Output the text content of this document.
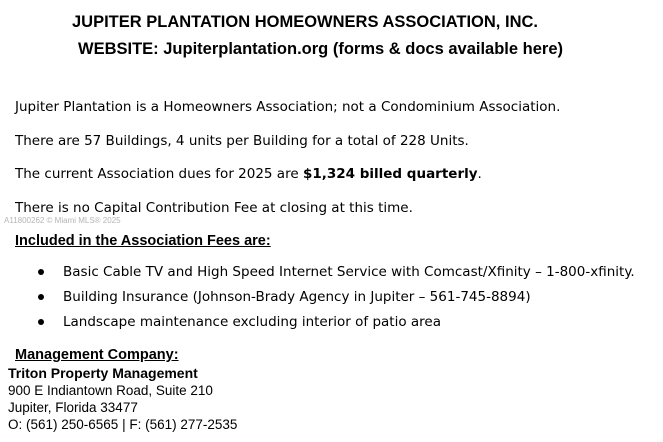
JUPITER PLANTATION HOMEOWNERS ASSOCIATION, INC.
WEBSITE: Jupiterplantation.org (forms & docs available here)
Jupiter Plantation is a Homeowners Association; not a Condominium Association.
There are 57 Buildings, 4 units per Building for a total of 228 Units.
The current Association dues for 2025 are $1,324 billed quarterly.
There is no Capital Contribution Fee at closing at this time.
A11800262 © Miami MLS® 2025
Included in the Association Fees are:
Basic Cable TV and High Speed Internet Service with Comcast/Xfinity – 1-800-xfinity.
Building Insurance (Johnson-Brady Agency in Jupiter – 561-745-8894)
Landscape maintenance excluding interior of patio area
Management Company:
Triton Property Management
900 E Indiantown Road, Suite 210
Jupiter, Florida 33477
O: (561) 250-6565 | F: (561) 277-2535
